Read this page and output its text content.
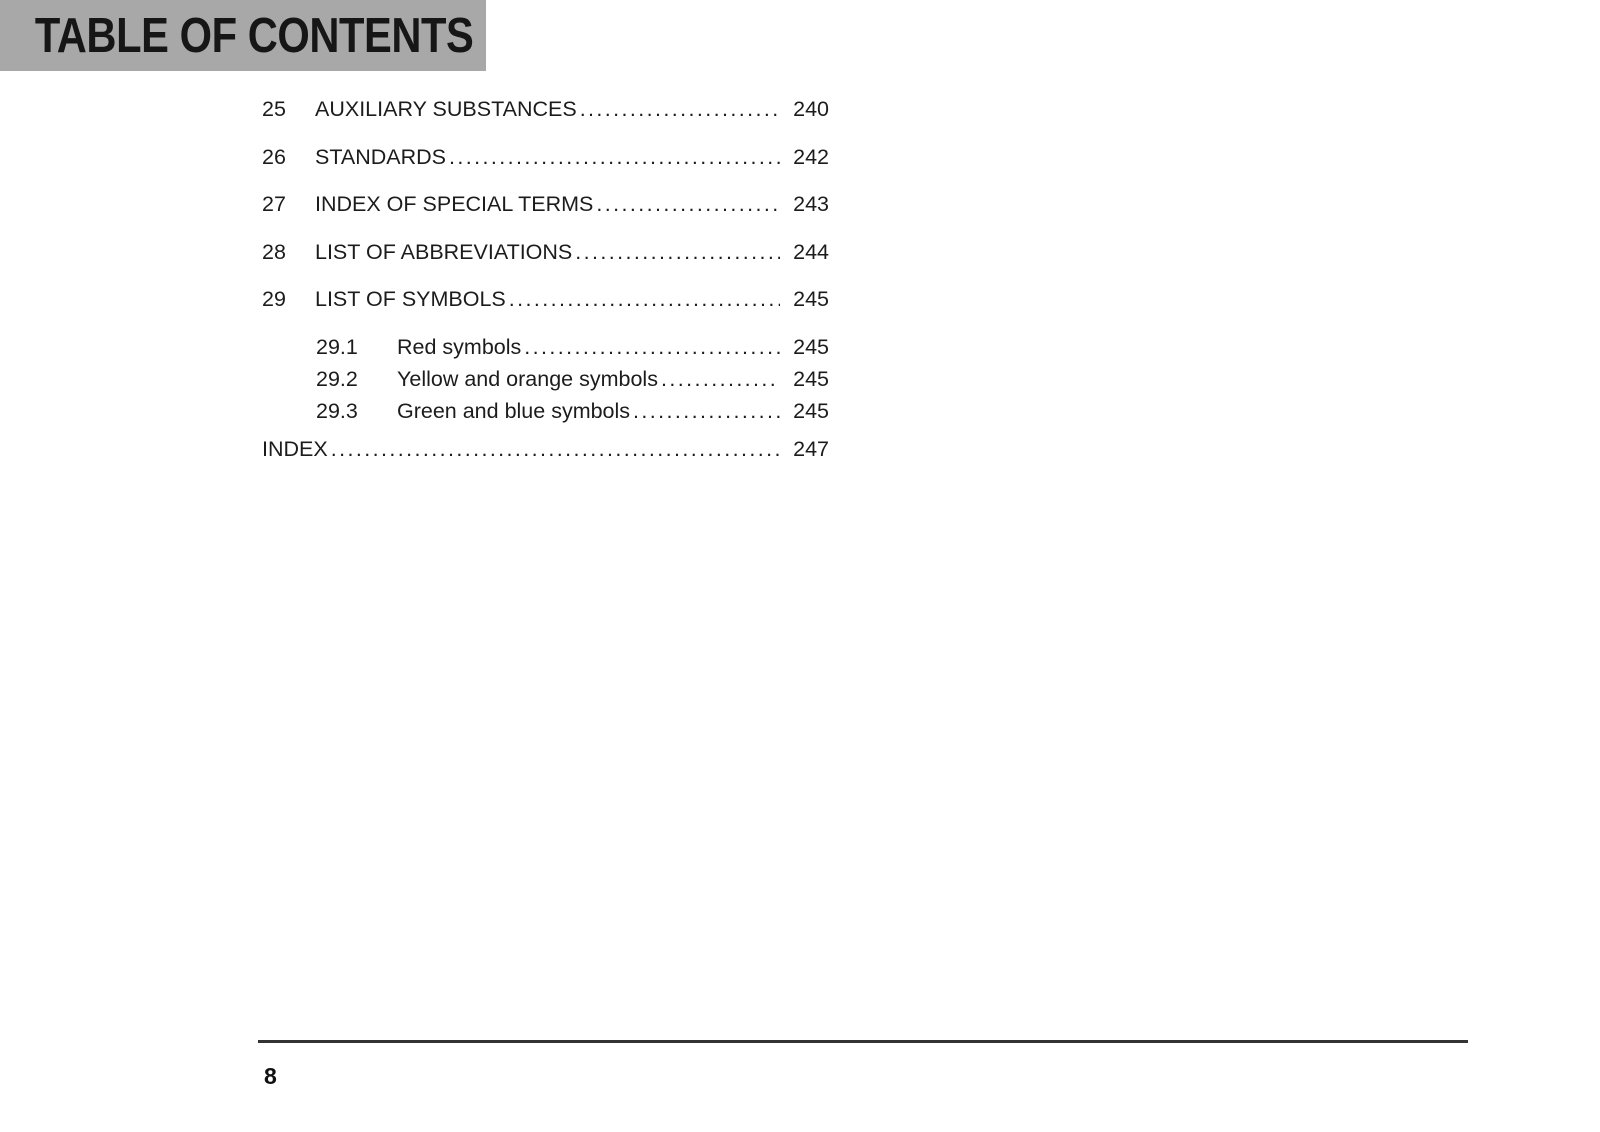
TABLE OF CONTENTS
25	AUXILIARY SUBSTANCES .....	240
26	STANDARDS .....	242
27	INDEX OF SPECIAL TERMS .....	243
28	LIST OF ABBREVIATIONS .....	244
29	LIST OF SYMBOLS .....	245
29.1	Red symbols .....	245
29.2	Yellow and orange symbols .....	245
29.3	Green and blue symbols .....	245
INDEX .....	247
8
